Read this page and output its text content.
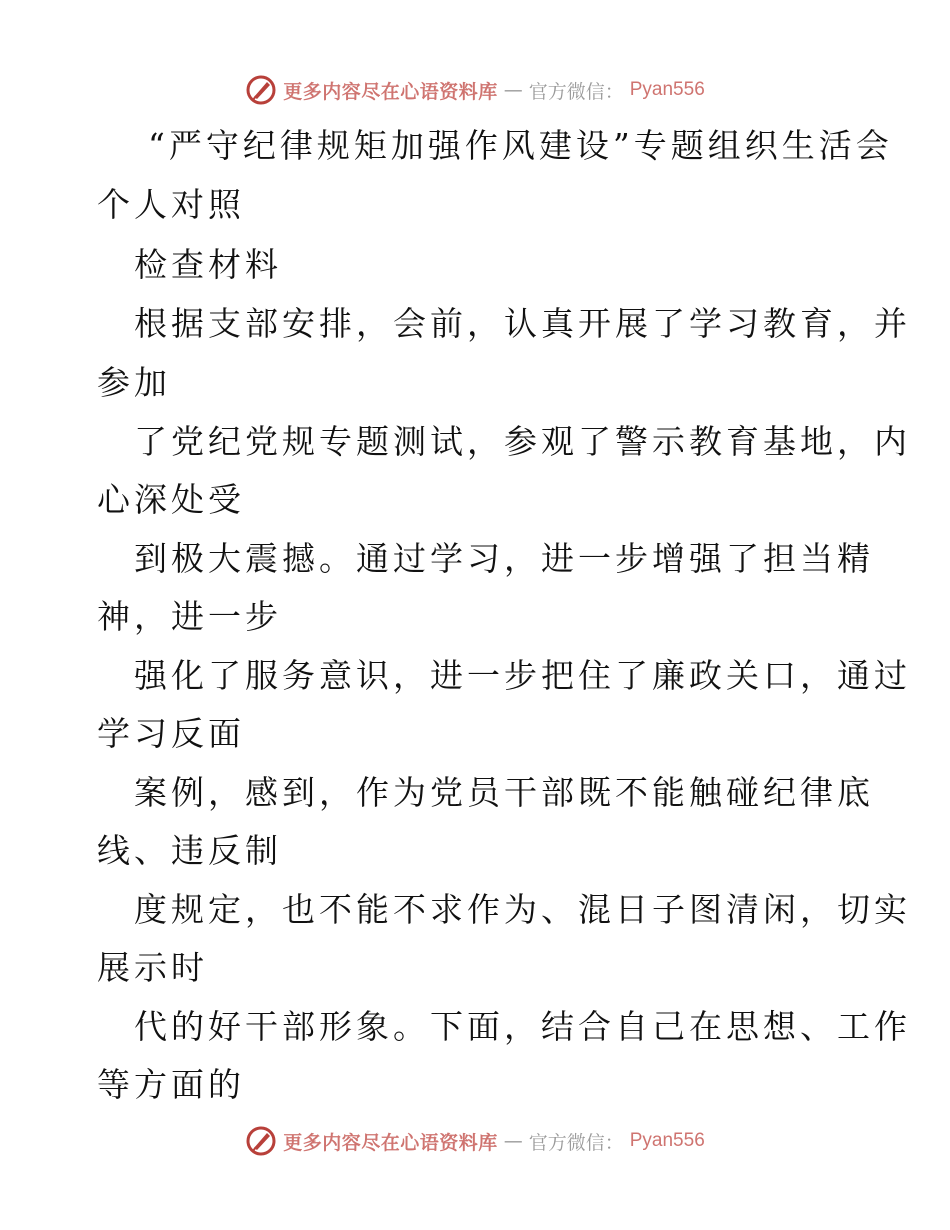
更多内容尽在心语资料库 — 官方微信： Pyan556
“严守纪律规矩加强作风建设”专题组织生活会
个人对照
检查材料
根据支部安排，会前，认真开展了学习教育，并
参加
了党纪党规专题测试，参观了警示教育基地，内
心深处受
到极大震撼。通过学习，进一步增强了担当精
神，进一步
强化了服务意识，进一步把住了廉政关口，通过
学习反面
案例，感到，作为党员干部既不能触碰纪律底
线、违反制
度规定，也不能不求作为、混日子图清闲，切实
展示时
代的好干部形象。下面，结合自己在思想、工作
等方面的
更多内容尽在心语资料库 — 官方微信： Pyan556
